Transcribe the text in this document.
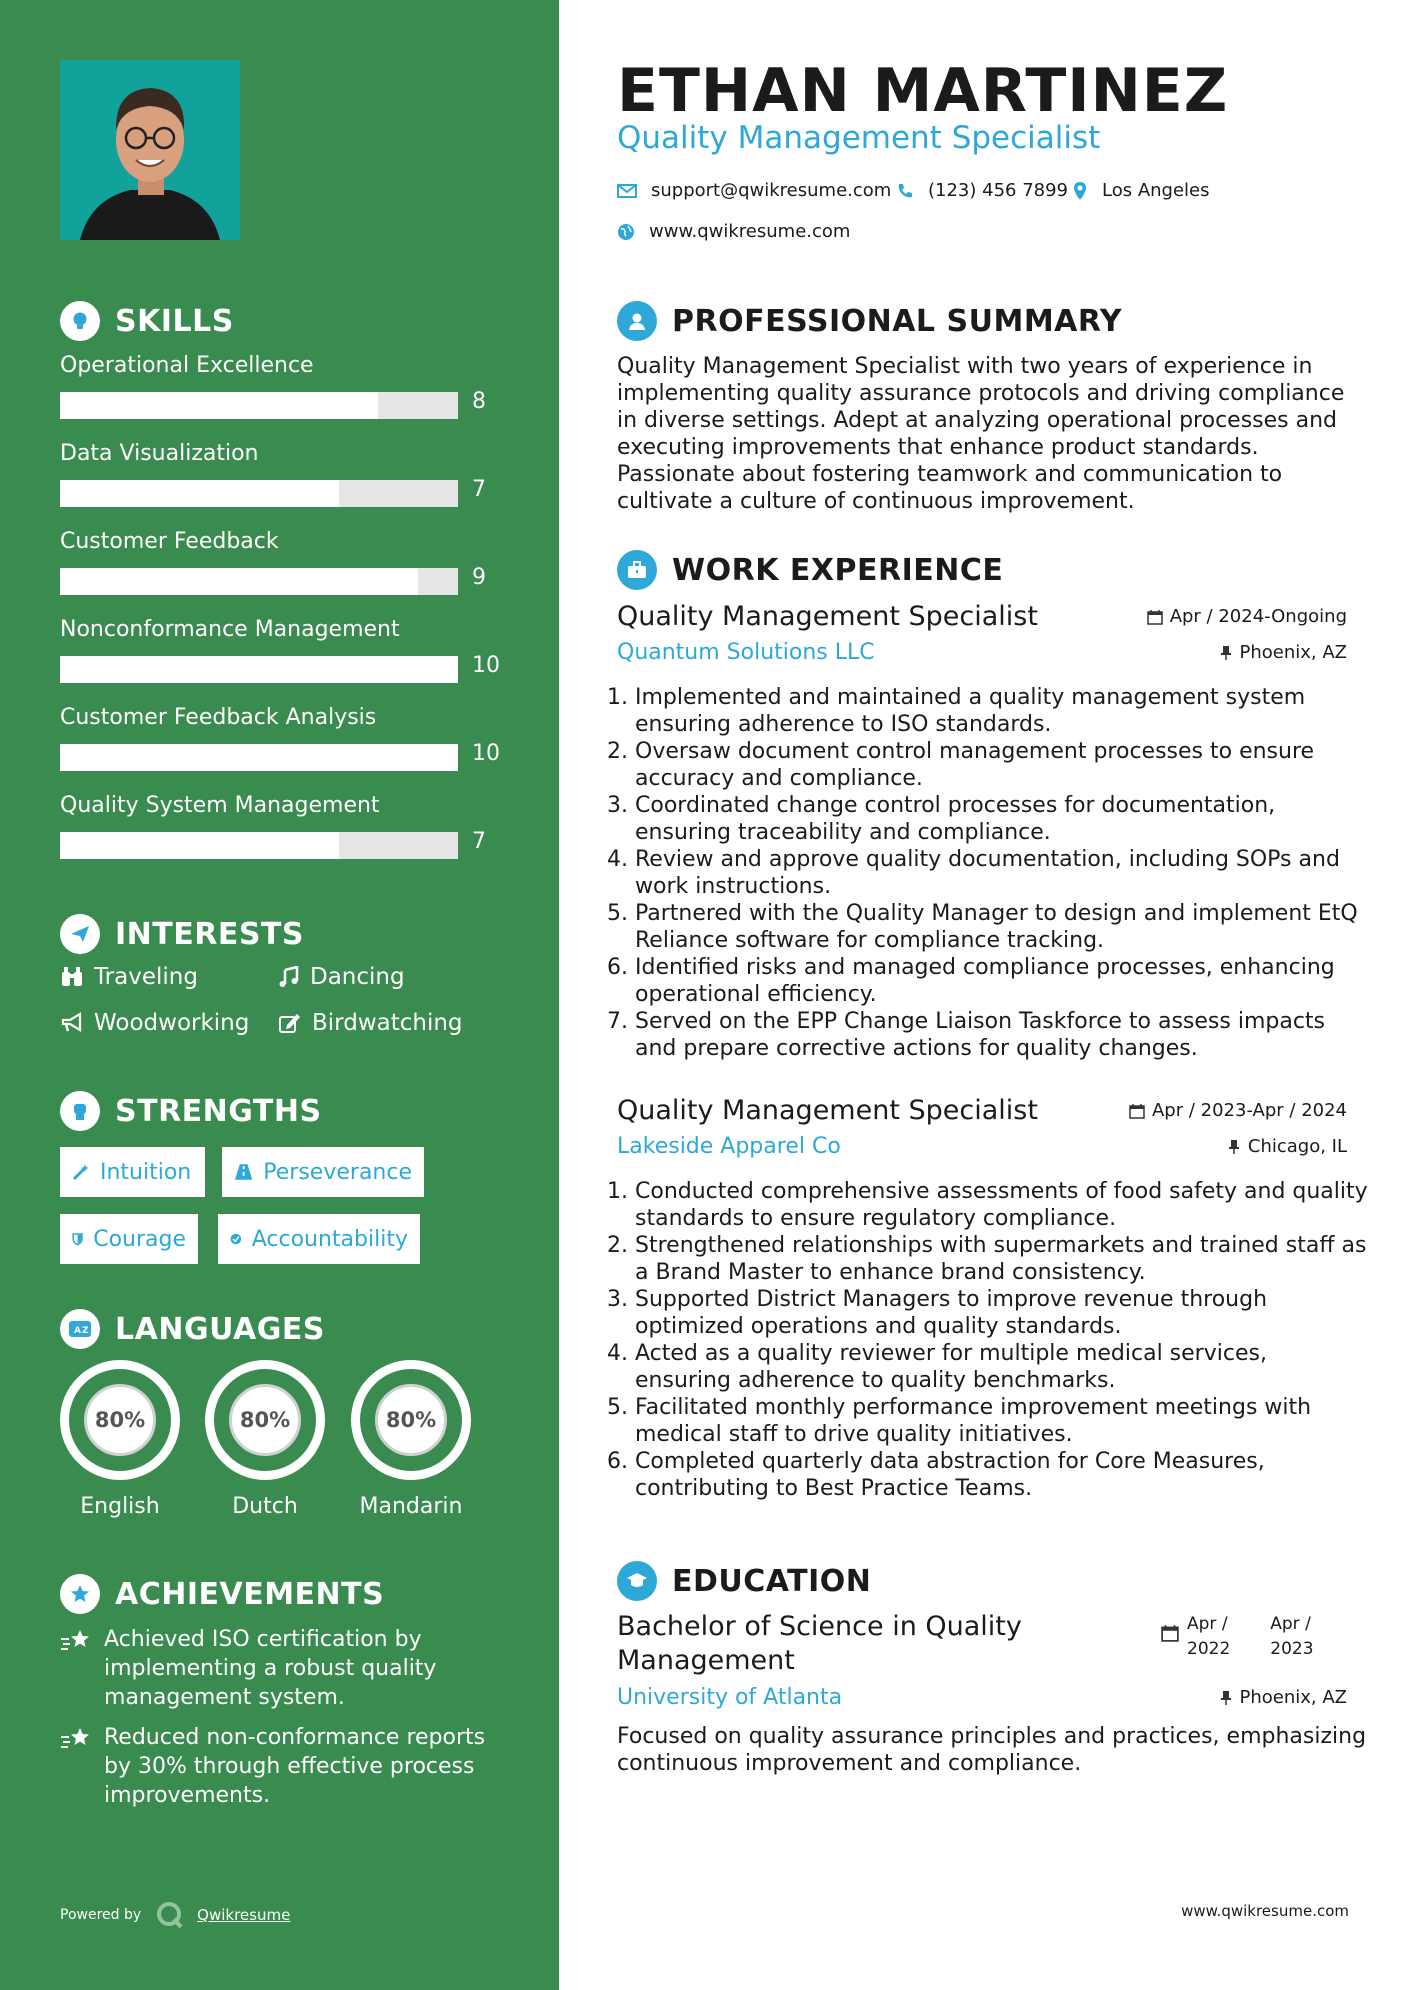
SKILLS
Operational Excellence
8
Data Visualization
7
Customer Feedback
9
Nonconformance Management
10
Customer Feedback Analysis
10
Quality System Management
7
INTERESTS
Traveling	Dancing
Woodworking	Birdwatching
STRENGTHS
Intuition	Perseverance
Courage	Accountability
A Z LANGUAGES
80%
English
80%
Dutch
80%
Mandarin
ACHIEVEMENTS
Achieved ISO certification by implementing a robust quality management system.
Reduced non-conformance reports by 30% through effective process improvements.
Powered by	Qwikresume
ETHAN MARTINEZ
Quality Management Specialist
support@qwikresume.com (123) 456 7899 Los Angeles
www.qwikresume.com
PROFESSIONAL SUMMARY
Quality Management Specialist with two years of experience in implementing quality assurance protocols and driving compliance in diverse settings. Adept at analyzing operational processes and executing improvements that enhance product standards. Passionate about fostering teamwork and communication to cultivate a culture of continuous improvement.
WORK EXPERIENCE
Quality Management Specialist	Apr / 2024-Ongoing
Quantum Solutions LLC	Phoenix, AZ
1. Implemented and maintained a quality management system ensuring adherence to ISO standards.
2. Oversaw document control management processes to ensure accuracy and compliance.
3. Coordinated change control processes for documentation, ensuring traceability and compliance.
4. Review and approve quality documentation, including SOPs and work instructions.
5. Partnered with the Quality Manager to design and implement EtQ Reliance software for compliance tracking.
6. Identified risks and managed compliance processes, enhancing operational efficiency.
7. Served on the EPP Change Liaison Taskforce to assess impacts and prepare corrective actions for quality changes.
Quality Management Specialist	Apr / 2023-Apr / 2024
Lakeside Apparel Co	Chicago, IL
1. Conducted comprehensive assessments of food safety and quality standards to ensure regulatory compliance.
2. Strengthened relationships with supermarkets and trained staff as a Brand Master to enhance brand consistency.
3. Supported District Managers to improve revenue through optimized operations and quality standards.
4. Acted as a quality reviewer for multiple medical services, ensuring adherence to quality benchmarks.
5. Facilitated monthly performance improvement meetings with medical staff to drive quality initiatives.
6. Completed quarterly data abstraction for Core Measures, contributing to Best Practice Teams.
EDUCATION
Bachelor of Science in Quality Management
Apr /
2022
Apr /
2023
University of Atlanta	Phoenix, AZ
Focused on quality assurance principles and practices, emphasizing continuous improvement and compliance.
www.qwikresume.com
